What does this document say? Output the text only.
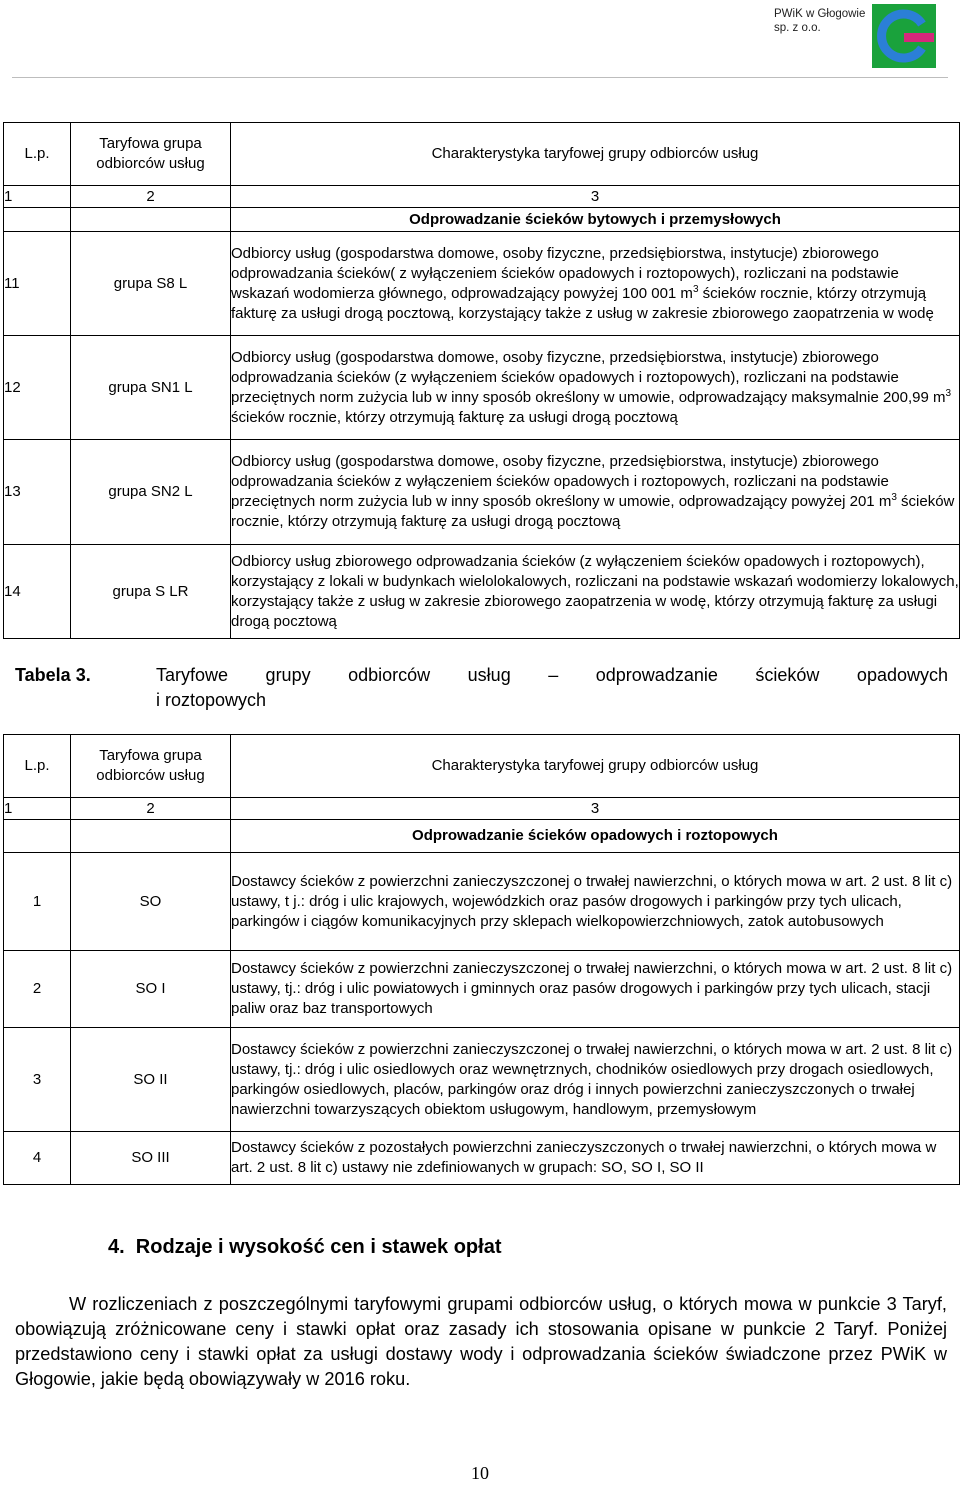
PWiK w Głogowie
sp. z o.o.
L.p.	Taryfowa grupa odbiorców usług	Charakterystyka taryfowej grupy odbiorców usług
1	2	3
		Odprowadzanie ścieków bytowych i przemysłowych
11	grupa S8 L	Odbiorcy usług (gospodarstwa domowe, osoby fizyczne, przedsiębiorstwa, instytucje) zbiorowego odprowadzania ścieków( z wyłączeniem ścieków opadowych i roztopowych), rozliczani na podstawie wskazań wodomierza głównego, odprowadzający powyżej 100 001 $m^3$ ścieków rocznie, którzy otrzymują fakturę za usługi drogą pocztową, korzystający także z usług w zakresie zbiorowego zaopatrzenia w wodę
12	grupa SN1 L	Odbiorcy usług (gospodarstwa domowe, osoby fizyczne, przedsiębiorstwa, instytucje) zbiorowego odprowadzania ścieków (z wyłączeniem ścieków opadowych i roztopowych), rozliczani na podstawie przeciętnych norm zużycia lub w inny sposób określony w umowie, odprowadzający maksymalnie 200,99 $m^3$ ścieków rocznie, którzy otrzymują fakturę za usługi drogą pocztową
13	grupa SN2 L	Odbiorcy usług (gospodarstwa domowe, osoby fizyczne, przedsiębiorstwa, instytucje) zbiorowego odprowadzania ścieków z wyłączeniem ścieków opadowych i roztopowych, rozliczani na podstawie przeciętnych norm zużycia lub w inny sposób określony w umowie, odprowadzający powyżej 201 $m^3$ ścieków rocznie, którzy otrzymują fakturę za usługi drogą pocztową
14	grupa S LR	Odbiorcy usług zbiorowego odprowadzania ścieków (z wyłączeniem ścieków opadowych i roztopowych), korzystający z lokali w budynkach wielolokalowych, rozliczani na podstawie wskazań wodomierzy lokalowych, korzystający także z usług w zakresie zbiorowego zaopatrzenia w wodę, którzy otrzymują fakturę za usługi drogą pocztową
Tabela 3.	Taryfowe grupy odbiorców usług – odprowadzanie ścieków opadowych
i roztopowych
L.p.	Taryfowa grupa odbiorców usług	Charakterystyka taryfowej grupy odbiorców usług
1	2	3
		Odprowadzanie ścieków opadowych i roztopowych
1	SO	Dostawcy ścieków z powierzchni zanieczyszczonej o trwałej nawierzchni, o których mowa w art. 2 ust. 8 lit c) ustawy, t j.: dróg i ulic krajowych, wojewódzkich oraz pasów drogowych i parkingów przy tych ulicach, parkingów i ciągów komunikacyjnych przy sklepach wielkopowierzchniowych, zatok autobusowych
2	SO I	Dostawcy ścieków z powierzchni zanieczyszczonej o trwałej nawierzchni, o których mowa w art. 2 ust. 8 lit c) ustawy, tj.: dróg i ulic powiatowych i gminnych oraz pasów drogowych i parkingów przy tych ulicach, stacji paliw oraz baz transportowych
3	SO II	Dostawcy ścieków z powierzchni zanieczyszczonej o trwałej nawierzchni, o których mowa w art. 2 ust. 8 lit c) ustawy, tj.: dróg i ulic osiedlowych oraz wewnętrznych, chodników osiedlowych przy drogach osiedlowych, parkingów osiedlowych, placów, parkingów oraz dróg i innych powierzchni zanieczyszczonych o trwałej nawierzchni towarzyszących obiektom usługowym, handlowym, przemysłowym
4	SO III	Dostawcy ścieków z pozostałych powierzchni zanieczyszczonych o trwałej nawierzchni, o których mowa w art. 2 ust. 8 lit c) ustawy nie zdefiniowanych w grupach: SO, SO I, SO II
4.  Rodzaje i wysokość cen i stawek opłat
W rozliczeniach z poszczególnymi taryfowymi grupami odbiorców usług, o których mowa w punkcie 3 Taryf, obowiązują zróżnicowane ceny i stawki opłat oraz zasady ich stosowania opisane w punkcie 2 Taryf. Poniżej przedstawiono ceny i stawki opłat za usługi dostawy wody i odprowadzania ścieków świadczone przez PWiK w Głogowie, jakie będą obowiązywały w 2016 roku.
10
